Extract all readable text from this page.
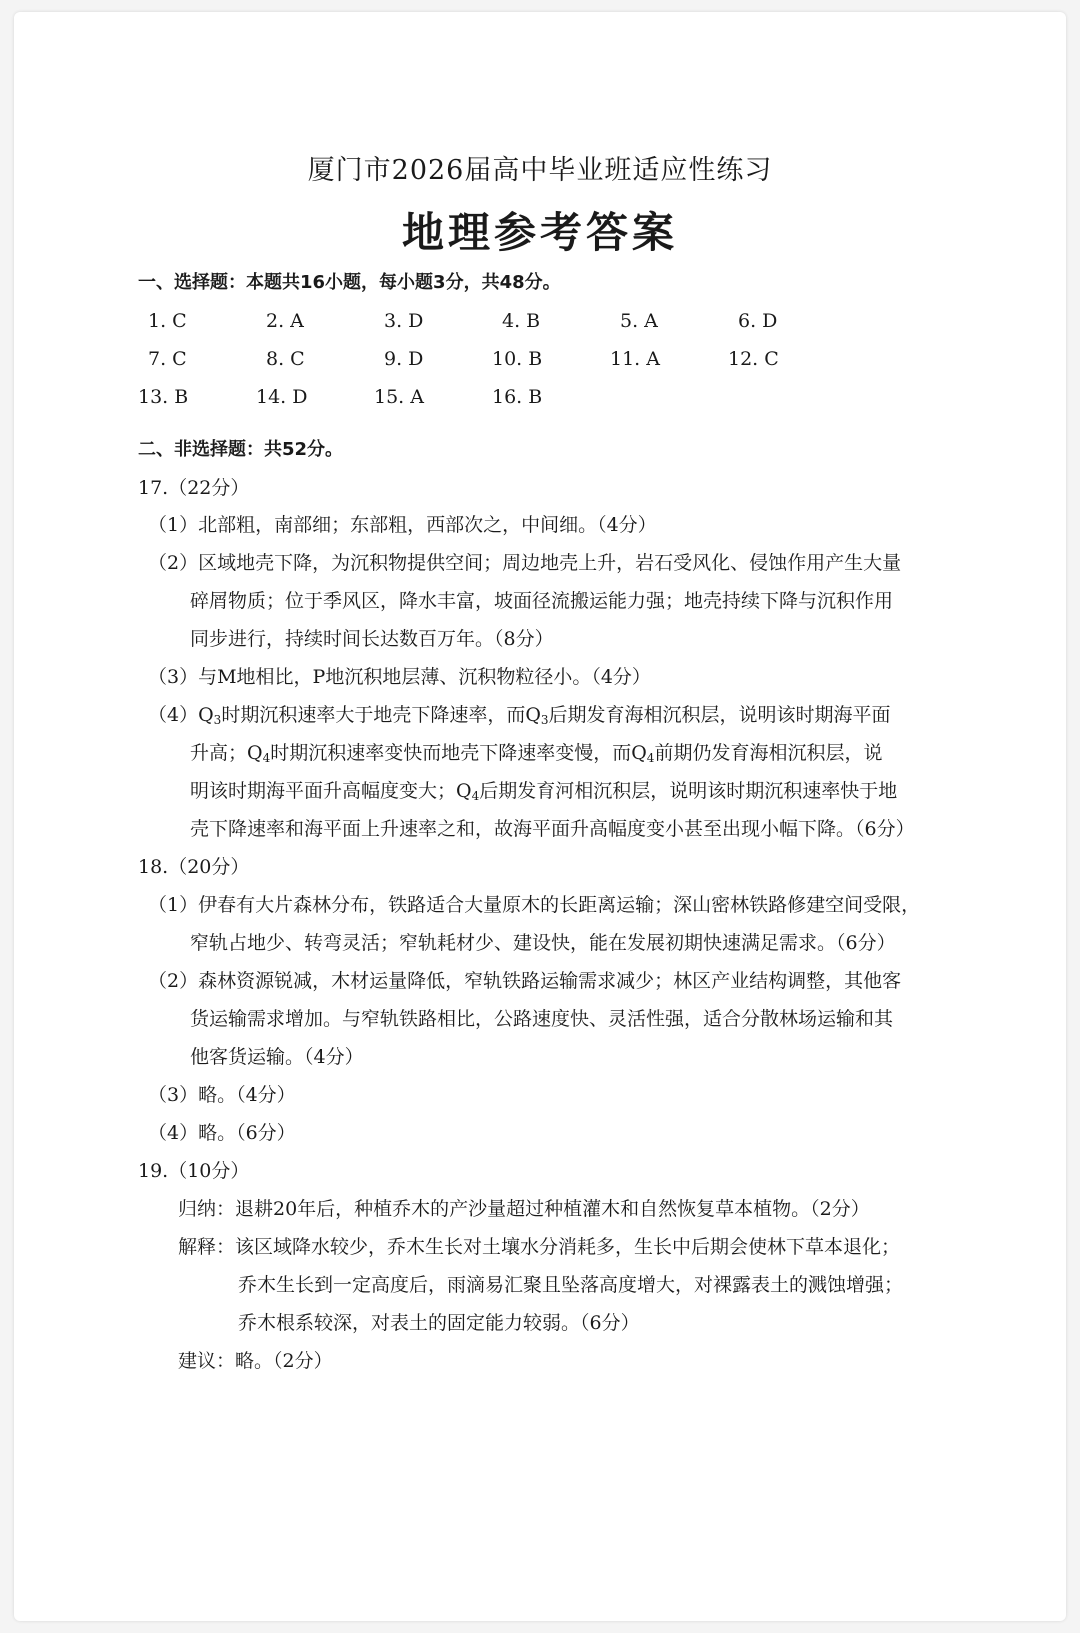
厦门市2026届高中毕业班适应性练习
地理参考答案
一、选择题：本题共16小题，每小题3分，共48分。
1. C	2. A	3. D	4. B	5. A	6. D
7. C	8. C	9. D	10. B	11. A	12. C
13. B	14. D	15. A	16. B
二、非选择题：共52分。
17.（22分）
（1）北部粗，南部细；东部粗，西部次之，中间细。（4分）
（2）区域地壳下降，为沉积物提供空间；周边地壳上升，岩石受风化、侵蚀作用产生大量
碎屑物质；位于季风区，降水丰富，坡面径流搬运能力强；地壳持续下降与沉积作用
同步进行，持续时间长达数百万年。（8分）
（3）与M地相比，P地沉积地层薄、沉积物粒径小。（4分）
$(4)Q_3$时期沉积速率大于地壳下降速率，而$Q_3$后期发育海相沉积层，说明该时期海平面
升高；$Q_4$时期沉积速率变快而地壳下降速率变慢，而$Q_4$前期仍发育海相沉积层，说
明该时期海平面升高幅度变大；$Q_4$后期发育河相沉积层，说明该时期沉积速率快于地
壳下降速率和海平面上升速率之和，故海平面升高幅度变小甚至出现小幅下降。（6分）
18.（20分）
（1）伊春有大片森林分布，铁路适合大量原木的长距离运输；深山密林铁路修建空间受限，
窄轨占地少、转弯灵活；窄轨耗材少、建设快，能在发展初期快速满足需求。（6分）
（2）森林资源锐减，木材运量降低，窄轨铁路运输需求减少；林区产业结构调整，其他客
货运输需求增加。与窄轨铁路相比，公路速度快、灵活性强，适合分散林场运输和其
他客货运输。（4分）
（3）略。（4分）
（4）略。（6分）
19.（10分）
归纳：退耕20年后，种植乔木的产沙量超过种植灌木和自然恢复草本植物。（2分）
解释：该区域降水较少，乔木生长对土壤水分消耗多，生长中后期会使林下草本退化；
乔木生长到一定高度后，雨滴易汇聚且坠落高度增大，对裸露表土的溅蚀增强；
乔木根系较深，对表土的固定能力较弱。（6分）
建议：略。（2分）
